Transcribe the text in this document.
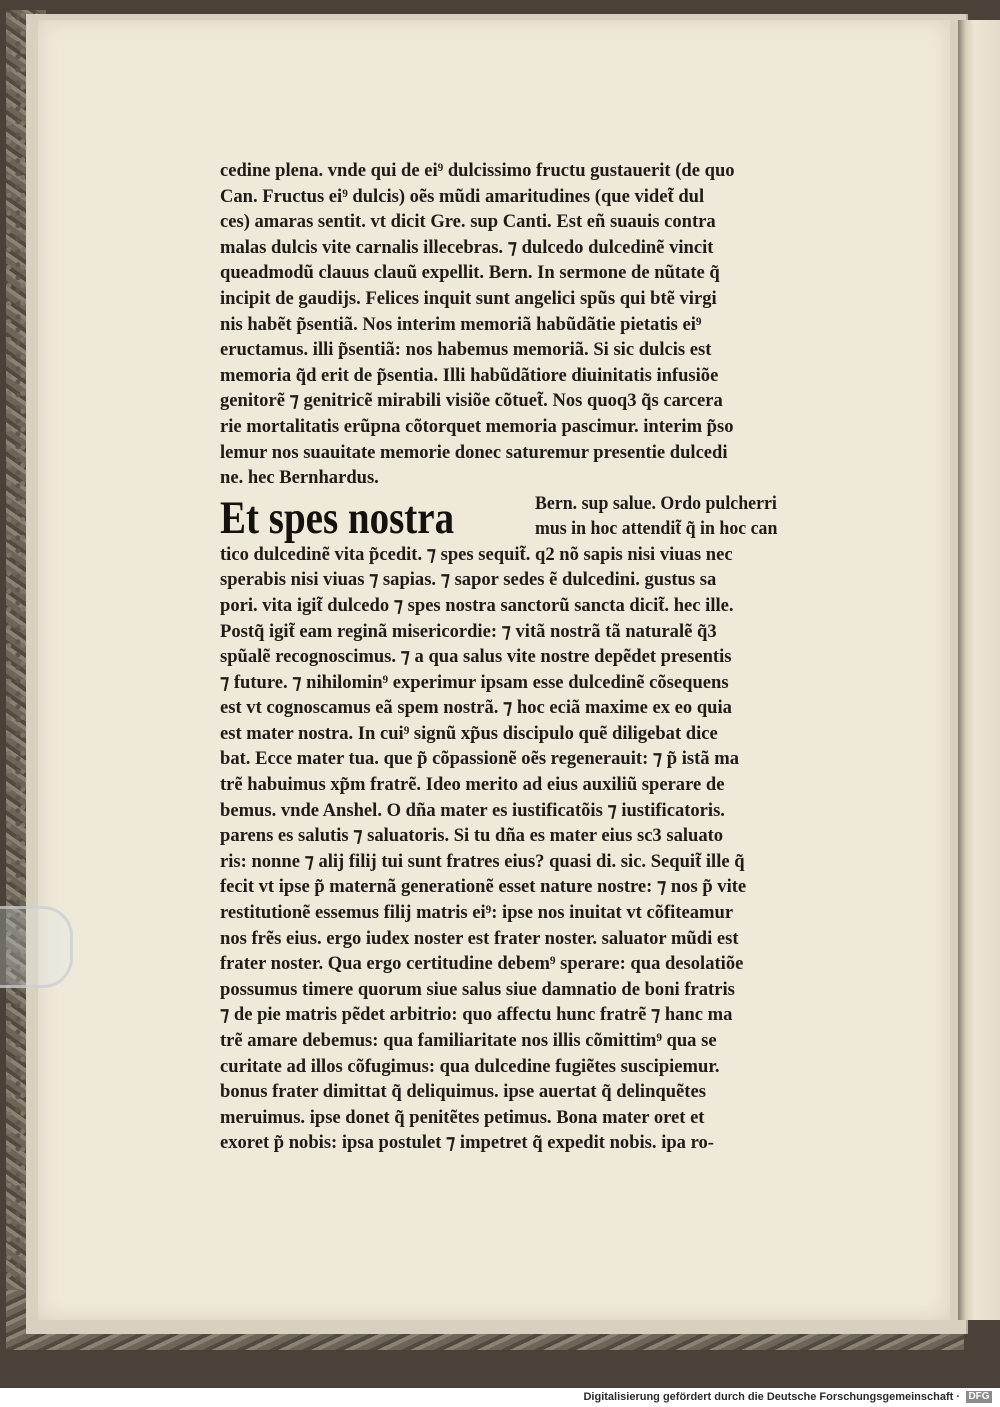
cedine plena. vnde qui de ei⁹ dulcissimo fructu gustauerit (de quo
Can. Fructus ei⁹ dulcis) oẽs mũdi amaritudines (que videt̃ dul
ces) amaras sentit. vt dicit Gre. sup Canti. Est eñ suauis contra
malas dulcis vite carnalis illecebras. ⁊ dulcedo dulcedinẽ vincit
queadmodũ clauus clauũ expellit. Bern. In sermone de nũtate q̃
incipit de gaudijs. Felices inquit sunt angelici spũs qui btẽ virgi
nis habẽt p̃sentiã. Nos interim memoriã habũdãtie pietatis ei⁹
eructamus. illi p̃sentiã: nos habemus memoriã. Si sic dulcis est
memoria q̃d erit de p̃sentia. Illi habũdãtiore diuinitatis infusiõe
genitorẽ ⁊ genitricẽ mirabili visiõe cõtuet̃. Nos quoq3 q̃s carcera
rie mortalitatis erũpna cõtorquet memoria pascimur. interim p̃so
lemur nos suauitate memorie donec saturemur presentie dulcedi
ne. hec Bernhardus.
Et spes nostra	Bern. sup salue. Ordo pulcherri
mus in hoc attendit̃ q̃ in hoc can
tico dulcedinẽ vita p̃cedit. ⁊ spes sequit̃. q2 nõ sapis nisi viuas nec
sperabis nisi viuas ⁊ sapias. ⁊ sapor sedes ẽ dulcedini. gustus sa
pori. vita igit̃ dulcedo ⁊ spes nostra sanctorũ sancta dicit̃. hec ille.
Postq̃ igit̃ eam reginã misericordie: ⁊ vitã nostrã tã naturalẽ q̃3
spũalẽ recognoscimus. ⁊ a qua salus vite nostre depẽdet presentis
⁊ future. ⁊ nihilomin⁹ experimur ipsam esse dulcedinẽ cõsequens
est vt cognoscamus eã spem nostrã. ⁊ hoc eciã maxime ex eo quia
est mater nostra. In cui⁹ signũ xp̃us discipulo quẽ diligebat dice
bat. Ecce mater tua. que p̃ cõpassionẽ oẽs regenerauit: ⁊ p̃ istã ma
trẽ habuimus xp̃m fratrẽ. Ideo merito ad eius auxiliũ sperare de
bemus. vnde Anshel. O dña mater es iustificatõis ⁊ iustificatoris.
parens es salutis ⁊ saluatoris. Si tu dña es mater eius sc3 saluato
ris: nonne ⁊ alij filij tui sunt fratres eius? quasi di. sic. Sequit̃ ille q̃
fecit vt ipse p̃ maternã generationẽ esset nature nostre: ⁊ nos p̃ vite
restitutionẽ essemus filij matris ei⁹: ipse nos inuitat vt cõfiteamur
nos frẽs eius. ergo iudex noster est frater noster. saluator mũdi est
frater noster. Qua ergo certitudine debem⁹ sperare: qua desolatiõe
possumus timere quorum siue salus siue damnatio de boni fratris
⁊ de pie matris pẽdet arbitrio: quo affectu hunc fratrẽ ⁊ hanc ma
trẽ amare debemus: qua familiaritate nos illis cõmittim⁹ qua se
curitate ad illos cõfugimus: qua dulcedine fugiẽtes suscipiemur.
bonus frater dimittat q̃ deliquimus. ipse auertat q̃ delinquẽtes
meruimus. ipse donet q̃ penitẽtes petimus. Bona mater oret et
exoret p̃ nobis: ipsa postulet ⁊ impetret q̃ expedit nobis. ipa ro-
Digitalisierung gefördert durch die Deutsche Forschungsgemeinschaft · DFG
